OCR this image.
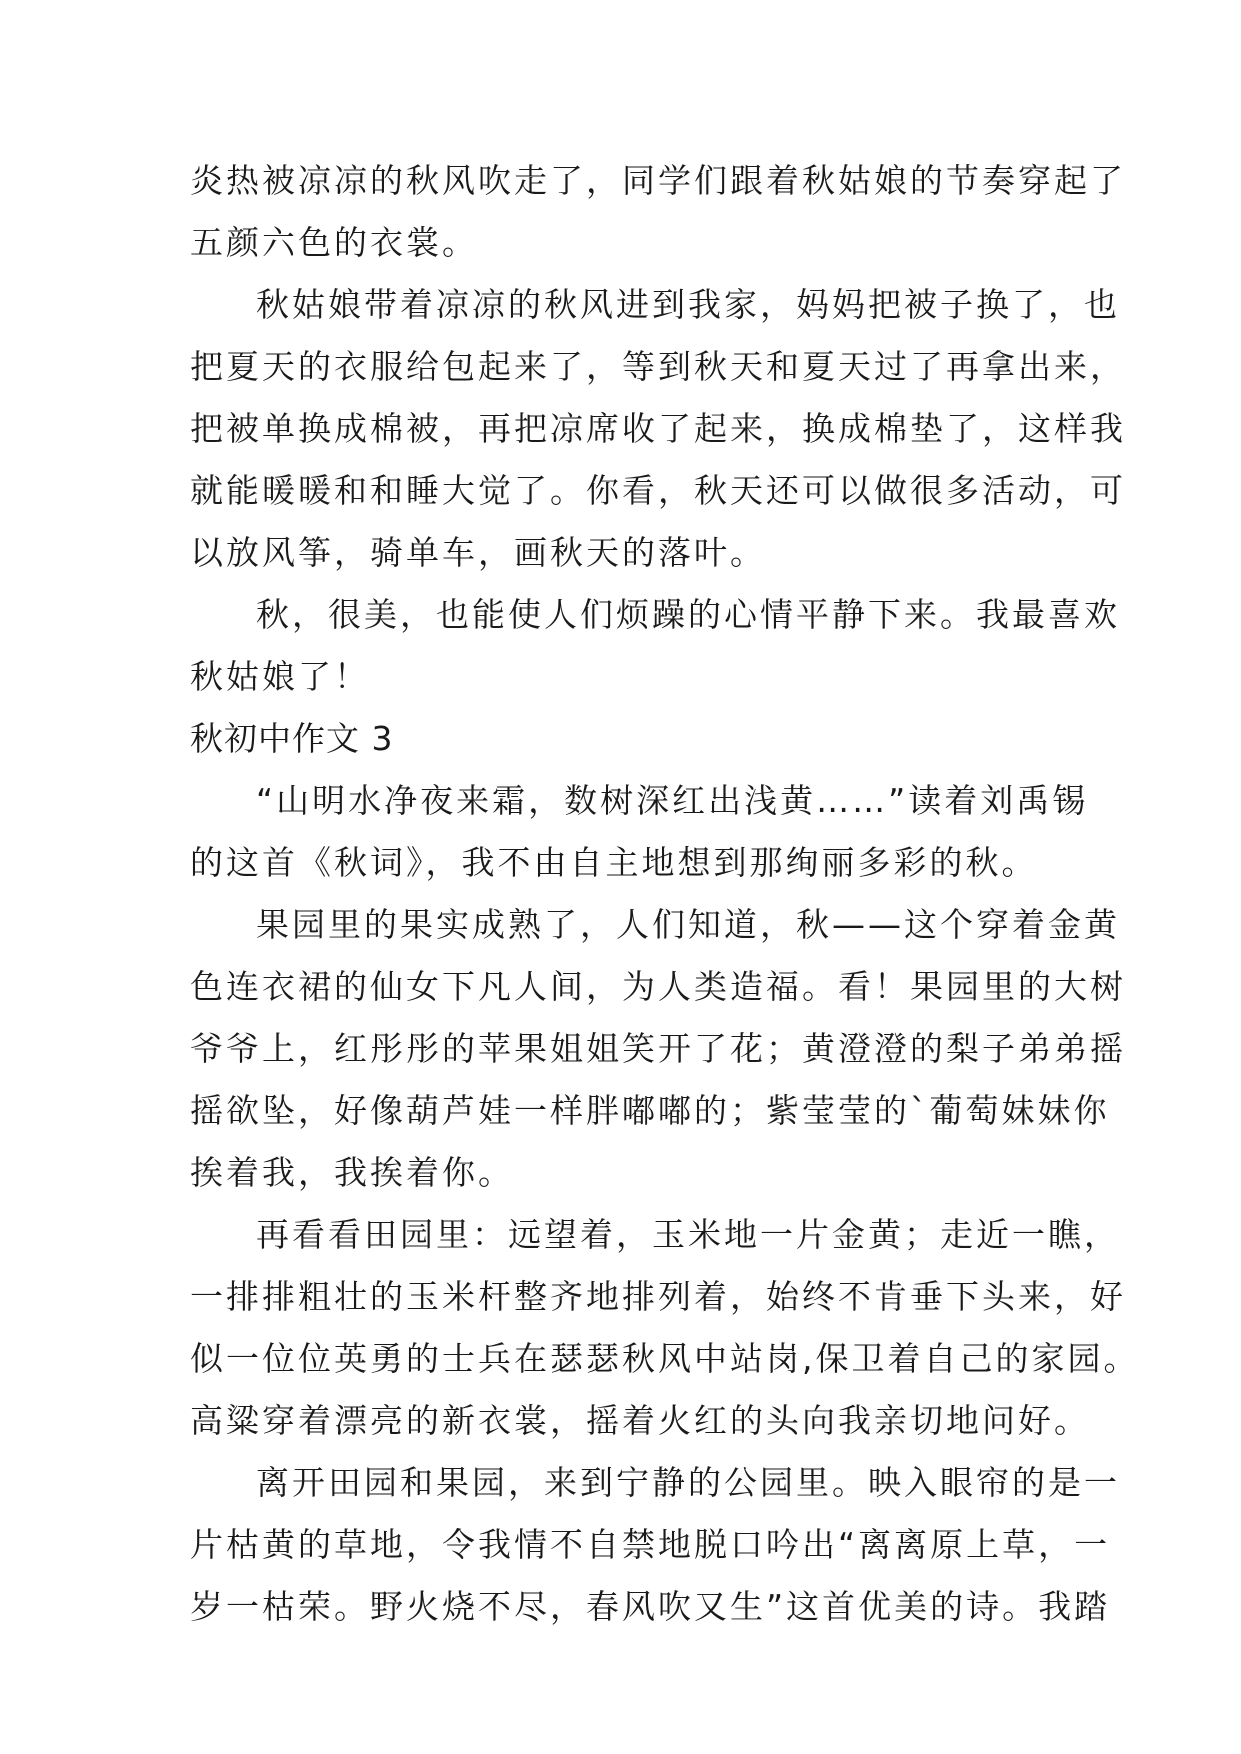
炎热被凉凉的秋风吹走了，同学们跟着秋姑娘的节奏穿起了
五颜六色的衣裳。
秋姑娘带着凉凉的秋风进到我家，妈妈把被子换了，也
把夏天的衣服给包起来了，等到秋天和夏天过了再拿出来，
把被单换成棉被，再把凉席收了起来，换成棉垫了，这样我
就能暖暖和和睡大觉了。你看，秋天还可以做很多活动，可
以放风筝，骑单车，画秋天的落叶。
秋，很美，也能使人们烦躁的心情平静下来。我最喜欢
秋姑娘了！
秋初中作文 3
“山明水净夜来霜，数树深红出浅黄……”读着刘禹锡
的这首《秋词》，我不由自主地想到那绚丽多彩的秋。
果园里的果实成熟了，人们知道，秋——这个穿着金黄
色连衣裙的仙女下凡人间，为人类造福。看！果园里的大树
爷爷上，红彤彤的苹果姐姐笑开了花；黄澄澄的梨子弟弟摇
摇欲坠，好像葫芦娃一样胖嘟嘟的；紫莹莹的`葡萄妹妹你
挨着我，我挨着你。
再看看田园里：远望着，玉米地一片金黄；走近一瞧，
一排排粗壮的玉米杆整齐地排列着，始终不肯垂下头来，好
似一位位英勇的士兵在瑟瑟秋风中站岗,保卫着自己的家园。
高粱穿着漂亮的新衣裳，摇着火红的头向我亲切地问好。
离开田园和果园，来到宁静的公园里。映入眼帘的是一
片枯黄的草地，令我情不自禁地脱口吟出“离离原上草，一
岁一枯荣。野火烧不尽，春风吹又生”这首优美的诗。我踏
